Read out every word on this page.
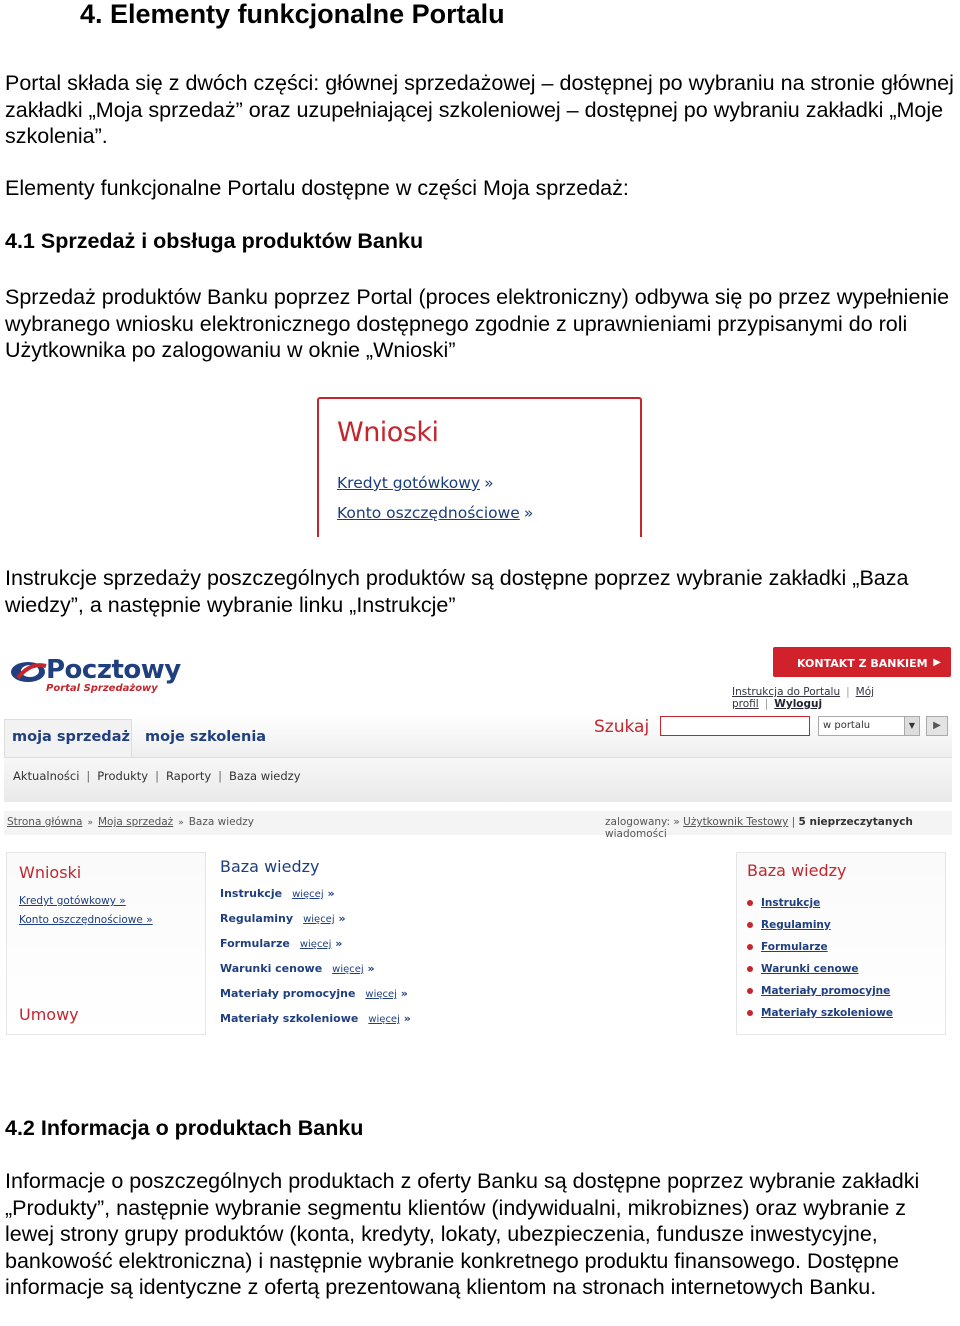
4. Elementy funkcjonalne Portalu
Portal składa się z dwóch części: głównej sprzedażowej – dostępnej po wybraniu na stronie głównej zakładki „Moja sprzedaż” oraz uzupełniającej szkoleniowej – dostępnej po wybraniu zakładki „Moje szkolenia”.
Elementy funkcjonalne Portalu dostępne w części Moja sprzedaż:
4.1 Sprzedaż i obsługa produktów Banku
Sprzedaż produktów Banku poprzez Portal (proces elektroniczny) odbywa się po przez wypełnienie wybranego wniosku elektronicznego dostępnego zgodnie z uprawnieniami przypisanymi do roli Użytkownika po zalogowaniu w oknie „Wnioski”
Wnioski
Kredyt gotówkowy »
Konto oszczędnościowe »
Instrukcje sprzedaży poszczególnych produktów są dostępne poprzez wybranie zakładki „Baza wiedzy”, a następnie wybranie linku „Instrukcje”
Pocztowy
Portal Sprzedażowy
KONTAKT Z BANKIEM ▶
Instrukcja do Portalu | Mój profil | Wyloguj
moja sprzedaż moje szkolenia	Szukaj	w portalu	▼	▶
Aktualności | Produkty | Raporty | Baza wiedzy
Strona główna » Moja sprzedaż » Baza wiedzy	zalogowany: » Użytkownik Testowy | 5 nieprzeczytanych wiadomości
Wnioski
Kredyt gotówkowy »
Konto oszczędnościowe »
Umowy
Baza wiedzy
Instrukcje więcej »
Regulaminy więcej »
Formularze więcej »
Warunki cenowe więcej »
Materiały promocyjne więcej »
Materiały szkoleniowe więcej »
Baza wiedzy
Instrukcje
Regulaminy
Formularze
Warunki cenowe
Materiały promocyjne
Materiały szkoleniowe
4.2 Informacja o produktach Banku
Informacje o poszczególnych produktach z oferty Banku są dostępne poprzez wybranie zakładki „Produkty”, następnie wybranie segmentu klientów (indywidualni, mikrobiznes) oraz wybranie z lewej strony grupy produktów (konta, kredyty, lokaty, ubezpieczenia, fundusze inwestycyjne, bankowość elektroniczna) i następnie wybranie konkretnego produktu finansowego. Dostępne informacje są identyczne z ofertą prezentowaną klientom na stronach internetowych Banku.
